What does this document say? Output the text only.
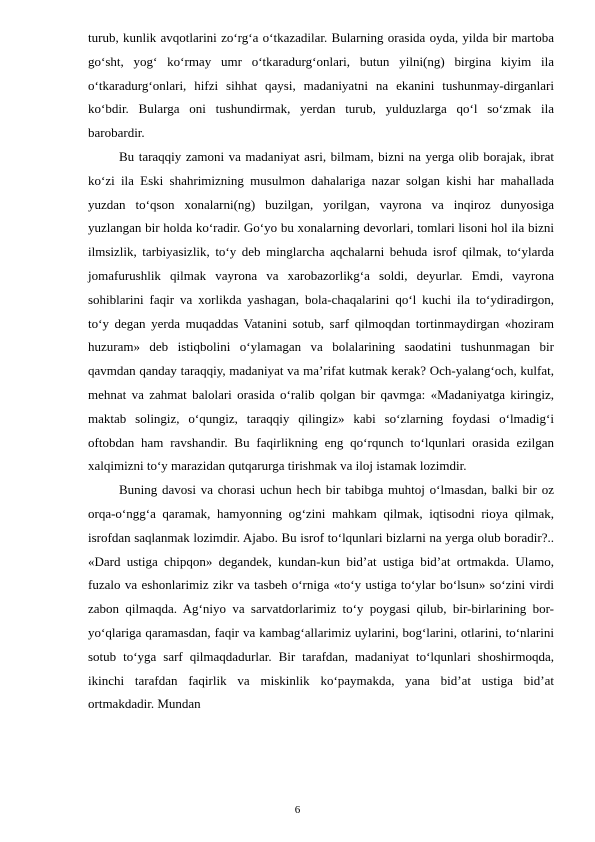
turub, kunlik avqotlarini zo‘rg‘a o‘tkazadilar. Bularning orasida oyda, yilda bir martoba go‘sht, yog‘ ko‘rmay umr o‘tkaradurg‘onlari, butun yilni(ng) birgina kiyim ila o‘tkaradurg‘onlari, hifzi sihhat qaysi, madaniyatni na ekanini tushunmay-dirganlari ko‘bdir. Bularga oni tushundirmak, yerdan turub, yulduzlarga qo‘l so‘zmak ila barobardir.

Bu taraqqiy zamoni va madaniyat asri, bilmam, bizni na yerga olib borajak, ibrat ko‘zi ila Eski shahrimizning musulmon dahalariga nazar solgan kishi har mahallada yuzdan to‘qson xonalarni(ng) buzilgan, yorilgan, vayrona va inqiroz dunyosiga yuzlangan bir holda ko‘radir. Go‘yo bu xonalarning devorlari, tomlari lisoni hol ila bizni ilmsizlik, tarbiyasizlik, to‘y deb minglarcha aqchalarni behuda isrof qilmak, to‘ylarda jomafurushlik qilmak vayrona va xarobazorlikg‘a soldi, deyurlar. Emdi, vayrona sohiblarini faqir va xorlikda yashagan, bola-chaqalarini qo‘l kuchi ila to‘ydiradirgon, to‘y degan yerda muqaddas Vatanini sotub, sarf qilmoqdan tortinmaydirgan «hoziram huzuram» deb istiqbolini o‘ylamagan va bolalarining saodatini tushunmagan bir qavmdan qanday taraqqiy, madaniyat va ma’rifat kutmak kerak? Och-yalang‘och, kulfat, mehnat va zahmat balolari orasida o‘ralib qolgan bir qavmga: «Madaniyatga kiringiz, maktab solingiz, o‘qungiz, taraqqiy qilingiz» kabi so‘zlarning foydasi o‘lmadig‘i oftobdan ham ravshandir. Bu faqirlikning eng qo‘rqunch to‘lqunlari orasida ezilgan xalqimizni to‘y marazidan qutqarurga tirishmak va iloj istamak lozimdir.

Buning davosi va chorasi uchun hech bir tabibga muhtoj o‘lmasdan, balki bir oz orqa-o‘ngg‘a qaramak, hamyonning og‘zini mahkam qilmak, iqtisodni rioya qilmak, isrofdan saqlanmak lozimdir. Ajabo. Bu isrof to‘lqunlari bizlarni na yerga olub boradir?.. «Dard ustiga chipqon» degandek, kundan-kun bid’at ustiga bid’at ortmakda. Ulamo, fuzalo va eshonlarimiz zikr va tasbeh o‘rniga «to‘y ustiga to‘ylar bo‘lsun» so‘zini virdi zabon qilmaqda. Ag‘niyo va sarvatdorlarimiz to‘y poygasi qilub, bir-birlarining bor-yo‘qlariga qaramasdan, faqir va kambag‘allarimiz uylarini, bog‘larini, otlarini, to‘nlarini sotub to‘yga sarf qilmaqdadurlar. Bir tarafdan, madaniyat to‘lqunlari shoshirmoqda, ikinchi tarafdan faqirlik va miskinlik ko‘paymakda, yana bid’at ustiga bid’at ortmakdadir. Mundan

6
